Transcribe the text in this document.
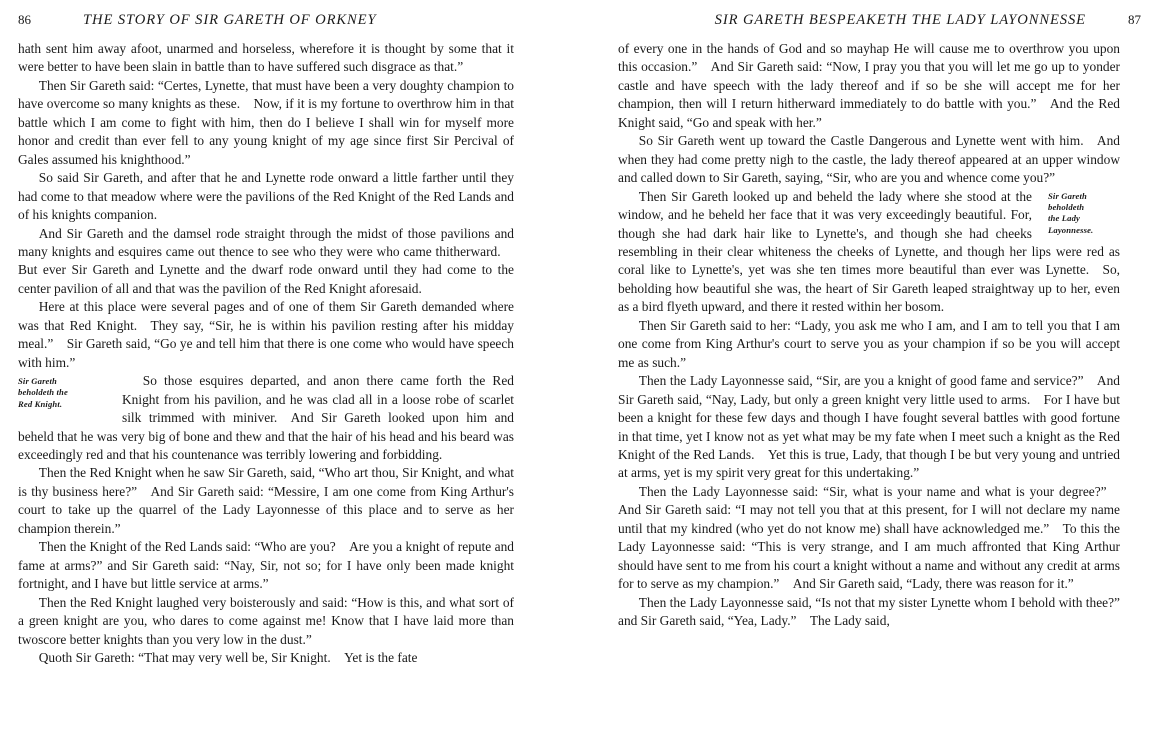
86	THE STORY OF SIR GARETH OF ORKNEY

hath sent him away afoot, unarmed and horseless, wherefore it is thought by some that it were better to have been slain in battle than to have suffered such disgrace as that.”

Then Sir Gareth said: “Certes, Lynette, that must have been a very doughty champion to have overcome so many knights as these. Now, if it is my fortune to overthrow him in that battle which I am come to fight with him, then do I believe I shall win for myself more honor and credit than ever fell to any young knight of my age since first Sir Percival of Gales assumed his knighthood.”

So said Sir Gareth, and after that he and Lynette rode onward a little farther until they had come to that meadow where were the pavilions of the Red Knight of the Red Lands and of his knights companion.

And Sir Gareth and the damsel rode straight through the midst of those pavilions and many knights and esquires came out thence to see who they were who came thitherward. But ever Sir Gareth and Lynette and the dwarf rode onward until they had come to the center pavilion of all and that was the pavilion of the Red Knight aforesaid.

Here at this place were several pages and of one of them Sir Gareth demanded where was that Red Knight. They say, “Sir, he is within his pavilion resting after his midday meal.” Sir Gareth said, “Go ye and tell him that there is one come who would have speech with him.”

Sir Gareth
beholdeth the
Red Knight.

So those esquires departed, and anon there came forth the Red Knight from his pavilion, and he was clad all in a loose robe of scarlet silk trimmed with miniver. And Sir Gareth looked upon him and beheld that he was very big of bone and thew and that the hair of his head and his beard was exceedingly red and that his countenance was terribly lowering and forbidding.

Then the Red Knight when he saw Sir Gareth, said, “Who art thou, Sir Knight, and what is thy business here?” And Sir Gareth said: “Messire, I am one come from King Arthur's court to take up the quarrel of the Lady Layonnesse of this place and to serve as her champion therein.”

Then the Knight of the Red Lands said: “Who are you? Are you a knight of repute and fame at arms?” and Sir Gareth said: “Nay, Sir, not so; for I have only been made knight fortnight, and I have but little service at arms.”

Then the Red Knight laughed very boisterously and said: “How is this, and what sort of a green knight are you, who dares to come against me! Know that I have laid more than twoscore better knights than you very low in the dust.”

Quoth Sir Gareth: “That may very well be, Sir Knight. Yet is the fate

SIR GARETH BESPEAKETH THE LADY LAYONNESSE	87

of every one in the hands of God and so mayhap He will cause me to overthrow you upon this occasion.” And Sir Gareth said: “Now, I pray you that you will let me go up to yonder castle and have speech with the lady thereof and if so be she will accept me for her champion, then will I return hitherward immediately to do battle with you.” And the Red Knight said, “Go and speak with her.”

So Sir Gareth went up toward the Castle Dangerous and Lynette went with him. And when they had come pretty nigh to the castle, the lady thereof appeared at an upper window and called down to Sir Gareth, saying, “Sir, who are you and whence come you?”

Sir Gareth
beholdeth
the Lady
Layonnesse.

Then Sir Gareth looked up and beheld the lady where she stood at the window, and he beheld her face that it was very exceedingly beautiful. For, though she had dark hair like to Lynette's, and though she had cheeks resembling in their clear whiteness the cheeks of Lynette, and though her lips were red as coral like to Lynette's, yet was she ten times more beautiful than ever was Lynette. So, beholding how beautiful she was, the heart of Sir Gareth leaped straightway up to her, even as a bird flyeth upward, and there it rested within her bosom.

Then Sir Gareth said to her: “Lady, you ask me who I am, and I am to tell you that I am one come from King Arthur's court to serve you as your champion if so be you will accept me as such.”

Then the Lady Layonnesse said, “Sir, are you a knight of good fame and service?” And Sir Gareth said, “Nay, Lady, but only a green knight very little used to arms. For I have but been a knight for these few days and though I have fought several battles with good fortune in that time, yet I know not as yet what may be my fate when I meet such a knight as the Red Knight of the Red Lands. Yet this is true, Lady, that though I be but very young and untried at arms, yet is my spirit very great for this undertaking.”

Then the Lady Layonnesse said: “Sir, what is your name and what is your degree?” And Sir Gareth said: “I may not tell you that at this present, for I will not declare my name until that my kindred (who yet do not know me) shall have acknowledged me.” To this the Lady Layonnesse said: “This is very strange, and I am much affronted that King Arthur should have sent to me from his court a knight without a name and without any credit at arms for to serve as my champion.” And Sir Gareth said, “Lady, there was reason for it.”

Then the Lady Layonnesse said, “Is not that my sister Lynette whom I behold with thee?” and Sir Gareth said, “Yea, Lady.” The Lady said,
